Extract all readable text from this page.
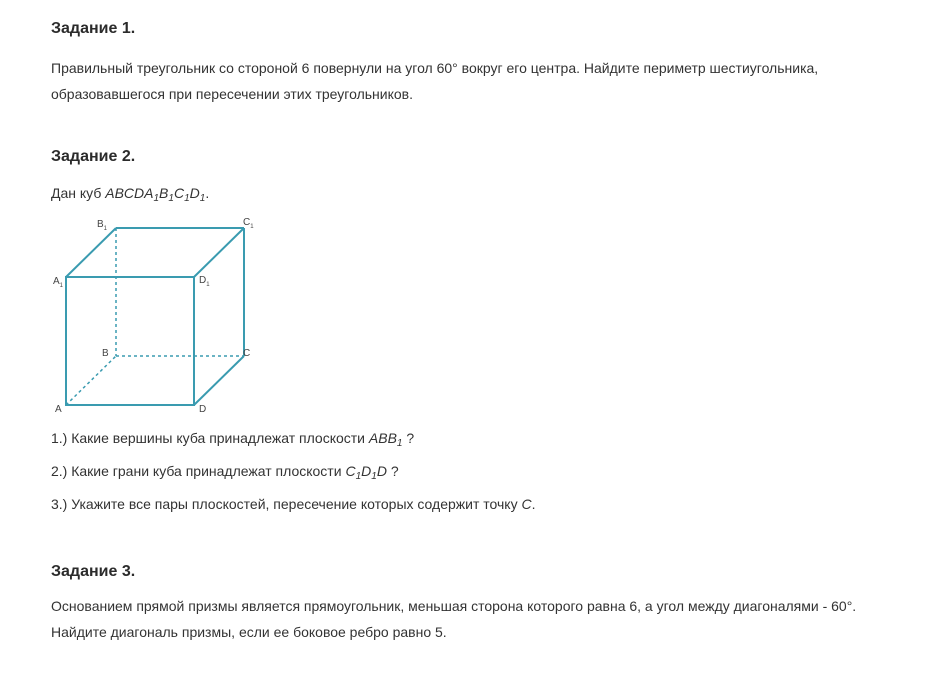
Задание 1.

Правильный треугольник со стороной 6 повернули на угол 60° вокруг его центра. Найдите периметр шестиугольника, образовавшегося при пересечении этих треугольников.

Задание 2.

Дан куб $ABCDA_1B_1C_1D_1$.

$B_1$
$C_1$
$A_1$	$D_1$
B	C
A	D

1.) Какие вершины куба принадлежат плоскости $ABB_1$ ?

2.) Какие грани куба принадлежат плоскости $C_1D_1D$ ?

3.) Укажите все пары плоскостей, пересечение которых содержит точку C.

Задание 3.

Основанием прямой призмы является прямоугольник, меньшая сторона которого равна 6, а угол между диагоналями - 60°. Найдите диагональ призмы, если ее боковое ребро равно 5.
